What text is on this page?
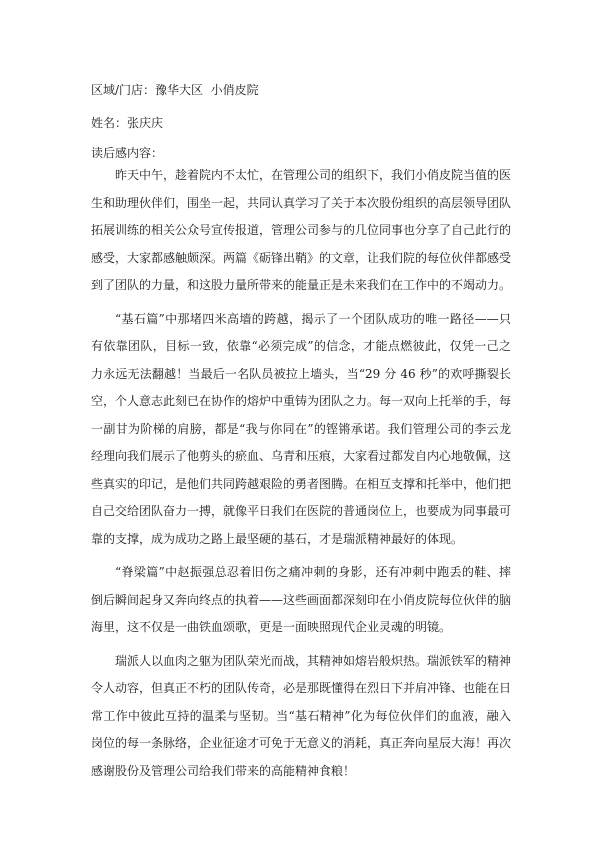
区域/门店：豫华大区  小俏皮院
姓名：张庆庆
读后感内容：

昨天中午，趁着院内不太忙，在管理公司的组织下，我们小俏皮院当值的医生和助理伙伴们，围坐一起，共同认真学习了关于本次股份组织的高层领导团队拓展训练的相关公众号宣传报道，管理公司参与的几位同事也分享了自己此行的感受，大家都感触颇深。两篇《砺锋出鞘》的文章，让我们院的每位伙伴都感受到了团队的力量，和这股力量所带来的能量正是未来我们在工作中的不竭动力。

“基石篇”中那堵四米高墙的跨越，揭示了一个团队成功的唯一路径——只有依靠团队，目标一致，依靠“必须完成”的信念，才能点燃彼此，仅凭一己之力永远无法翻越！当最后一名队员被拉上墙头，当“29 分 46 秒”的欢呼撕裂长空，个人意志此刻已在协作的熔炉中重铸为团队之力。每一双向上托举的手，每一副甘为阶梯的肩膀，都是“我与你同在”的铿锵承诺。我们管理公司的李云龙经理向我们展示了他剪头的瘀血、乌青和压痕，大家看过都发自内心地敬佩，这些真实的印记，是他们共同跨越艰险的勇者图腾。在相互支撑和托举中，他们把自己交给团队奋力一搏，就像平日我们在医院的普通岗位上，也要成为同事最可靠的支撑，成为成功之路上最坚硬的基石，才是瑞派精神最好的体现。

“脊梁篇”中赵振强总忍着旧伤之痛冲刺的身影，还有冲刺中跑丢的鞋、摔倒后瞬间起身又奔向终点的执着——这些画面都深刻印在小俏皮院每位伙伴的脑海里，这不仅是一曲铁血颂歌，更是一面映照现代企业灵魂的明镜。

瑞派人以血肉之躯为团队荣光而战，其精神如熔岩般炽热。瑞派铁军的精神令人动容，但真正不朽的团队传奇，必是那既懂得在烈日下并肩冲锋、也能在日常工作中彼此互持的温柔与坚韧。当“基石精神”化为每位伙伴们的血液，融入岗位的每一条脉络，企业征途才可免于无意义的消耗，真正奔向星辰大海！再次感谢股份及管理公司给我们带来的高能精神食粮！
